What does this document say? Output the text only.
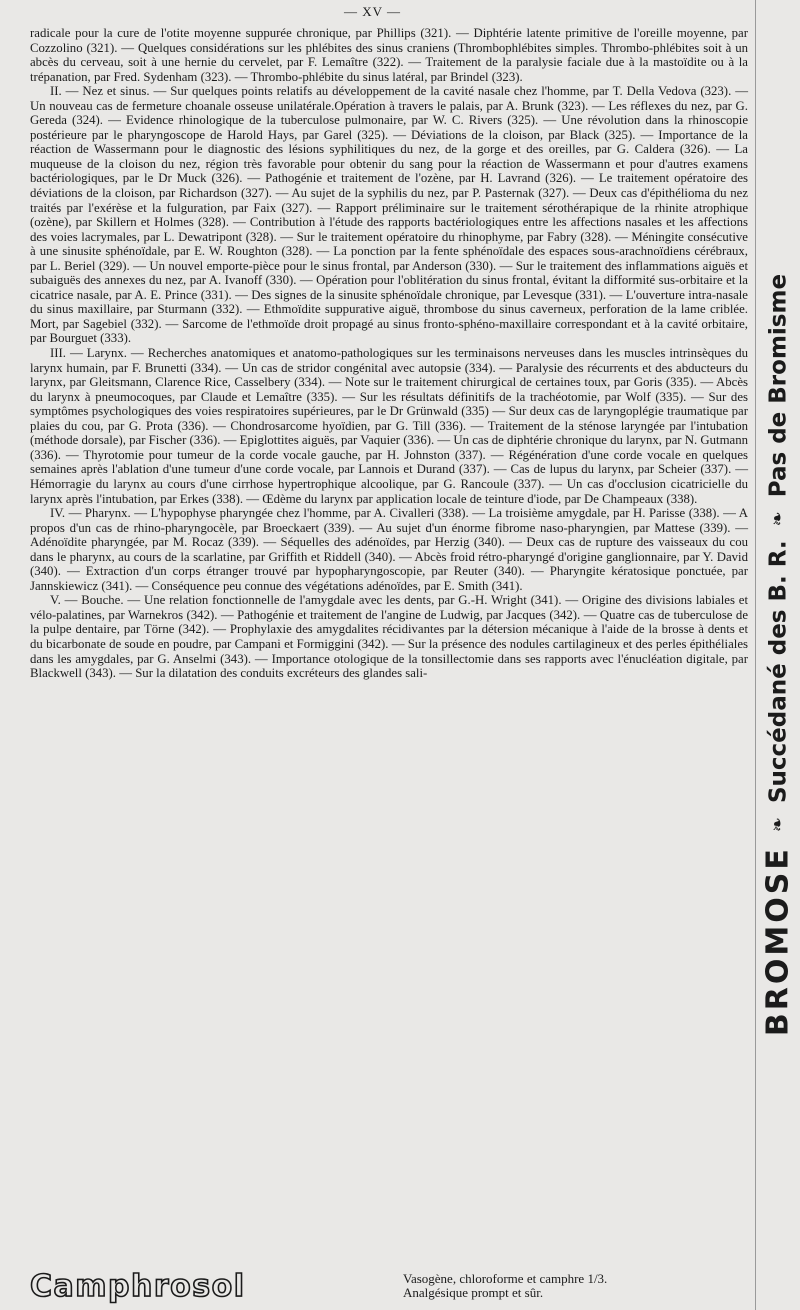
— XV —

radicale pour la cure de l'otite moyenne suppurée chronique, par Phillips (321). — Diphtérie latente primitive de l'oreille moyenne, par Cozzolino (321). — Quelques considérations sur les phlébites des sinus craniens (Thrombophlébites simples. Thrombo-phlébites soit à un abcès du cerveau, soit à une hernie du cervelet, par F. Lemaître (322). — Traitement de la paralysie faciale due à la mastoïdite ou à la trépanation, par Fred. Sydenham (323). — Thrombo-phlébite du sinus latéral, par Brindel (323).

II. — Nez et sinus. — Sur quelques points relatifs au développement de la cavité nasale chez l'homme, par T. Della Vedova (323). — Un nouveau cas de fermeture choanale osseuse unilatérale.Opération à travers le palais, par A. Brunk (323). — Les réflexes du nez, par G. Gereda (324). — Evidence rhinologique de la tuberculose pulmonaire, par W. C. Rivers (325). — Une révolution dans la rhinoscopie postérieure par le pharyngoscope de Harold Hays, par Garel (325). — Déviations de la cloison, par Black (325). — Importance de la réaction de Wassermann pour le diagnostic des lésions syphilitiques du nez, de la gorge et des oreilles, par G. Caldera (326). — La muqueuse de la cloison du nez, région très favorable pour obtenir du sang pour la réaction de Wassermann et pour d'autres examens bactériologiques, par le Dr Muck (326). — Pathogénie et traitement de l'ozène, par H. Lavrand (326). — Le traitement opératoire des déviations de la cloison, par Richardson (327). — Au sujet de la syphilis du nez, par P. Pasternak (327). — Deux cas d'épithélioma du nez traités par l'exérèse et la fulguration, par Faix (327). — Rapport préliminaire sur le traitement sérothérapique de la rhinite atrophique (ozène), par Skillern et Holmes (328). — Contribution à l'étude des rapports bactériologiques entre les affections nasales et les affections des voies lacrymales, par L. Dewatripont (328). — Sur le traitement opératoire du rhinophyme, par Fabry (328). — Méningite consécutive à une sinusite sphénoïdale, par E. W. Roughton (328). — La ponction par la fente sphénoïdale des espaces sous-arachnoïdiens cérébraux, par L. Beriel (329). — Un nouvel emporte-pièce pour le sinus frontal, par Anderson (330). — Sur le traitement des inflammations aiguës et subaiguës des annexes du nez, par A. Ivanoff (330). — Opération pour l'oblitération du sinus frontal, évitant la difformité sus-orbitaire et la cicatrice nasale, par A. E. Prince (331). — Des signes de la sinusite sphénoïdale chronique, par Levesque (331). — L'ouverture intra-nasale du sinus maxillaire, par Sturmann (332). — Ethmoïdite suppurative aiguë, thrombose du sinus caverneux, perforation de la lame criblée. Mort, par Sagebiel (332). — Sarcome de l'ethmoïde droit propagé au sinus fronto-sphéno-maxillaire correspondant et à la cavité orbitaire, par Bourguet (333).

III. — Larynx. — Recherches anatomiques et anatomo-pathologiques sur les terminaisons nerveuses dans les muscles intrinsèques du larynx humain, par F. Brunetti (334). — Un cas de stridor congénital avec autopsie (334). — Paralysie des récurrents et des abducteurs du larynx, par Gleitsmann, Clarence Rice, Casselbery (334). — Note sur le traitement chirurgical de certaines toux, par Goris (335). — Abcès du larynx à pneumocoques, par Claude et Lemaître (335). — Sur les résultats définitifs de la trachéotomie, par Wolf (335). — Sur des symptômes psychologiques des voies respiratoires supérieures, par le Dr Grünwald (335) — Sur deux cas de laryngoplégie traumatique par plaies du cou, par G. Prota (336). — Chondrosarcome hyoïdien, par G. Till (336). — Traitement de la sténose laryngée par l'intubation (méthode dorsale), par Fischer (336). — Epiglottites aiguës, par Vaquier (336). — Un cas de diphtérie chronique du larynx, par N. Gutmann (336). — Thyrotomie pour tumeur de la corde vocale gauche, par H. Johnston (337). — Régénération d'une corde vocale en quelques semaines après l'ablation d'une tumeur d'une corde vocale, par Lannois et Durand (337). — Cas de lupus du larynx, par Scheier (337). — Hémorragie du larynx au cours d'une cirrhose hypertrophique alcoolique, par G. Rancoule (337). — Un cas d'occlusion cicatricielle du larynx après l'intubation, par Erkes (338). — Œdème du larynx par application locale de teinture d'iode, par De Champeaux (338).

IV. — Pharynx. — L'hypophyse pharyngée chez l'homme, par A. Civalleri (338). — La troisième amygdale, par H. Parisse (338). — A propos d'un cas de rhino-pharyngocèle, par Broeckaert (339). — Au sujet d'un énorme fibrome naso-pharyngien, par Mattese (339). — Adénoïdite pharyngée, par M. Rocaz (339). — Séquelles des adénoïdes, par Herzig (340). — Deux cas de rupture des vaisseaux du cou dans le pharynx, au cours de la scarlatine, par Griffith et Riddell (340). — Abcès froid rétro-pharyngé d'origine ganglionnaire, par Y. David (340). — Extraction d'un corps étranger trouvé par hypopharyngoscopie, par Reuter (340). — Pharyngite kératosique ponctuée, par Jannskiewicz (341). — Conséquence peu connue des végétations adénoïdes, par E. Smith (341).

V. — Bouche. — Une relation fonctionnelle de l'amygdale avec les dents, par G.-H. Wright (341). — Origine des divisions labiales et vélo-palatines, par Warnekros (342). — Pathogénie et traitement de l'angine de Ludwig, par Jacques (342). — Quatre cas de tuberculose de la pulpe dentaire, par Törne (342). — Prophylaxie des amygdalites récidivantes par la détersion mécanique à l'aide de la brosse à dents et du bicarbonate de soude en poudre, par Campani et Formiggini (342). — Sur la présence des nodules cartilagineux et des perles épithéliales dans les amygdales, par G. Anselmi (343). — Importance otologique de la tonsillectomie dans ses rapports avec l'énucléation digitale, par Blackwell (343). — Sur la dilatation des conduits excréteurs des glandes sali-

Camphrosol	Vasogène, chloroforme et camphre 1/3.
Analgésique prompt et sûr.
BROMOSE
❧
Succédané des B. R.
❧
Pas de Bromisme
